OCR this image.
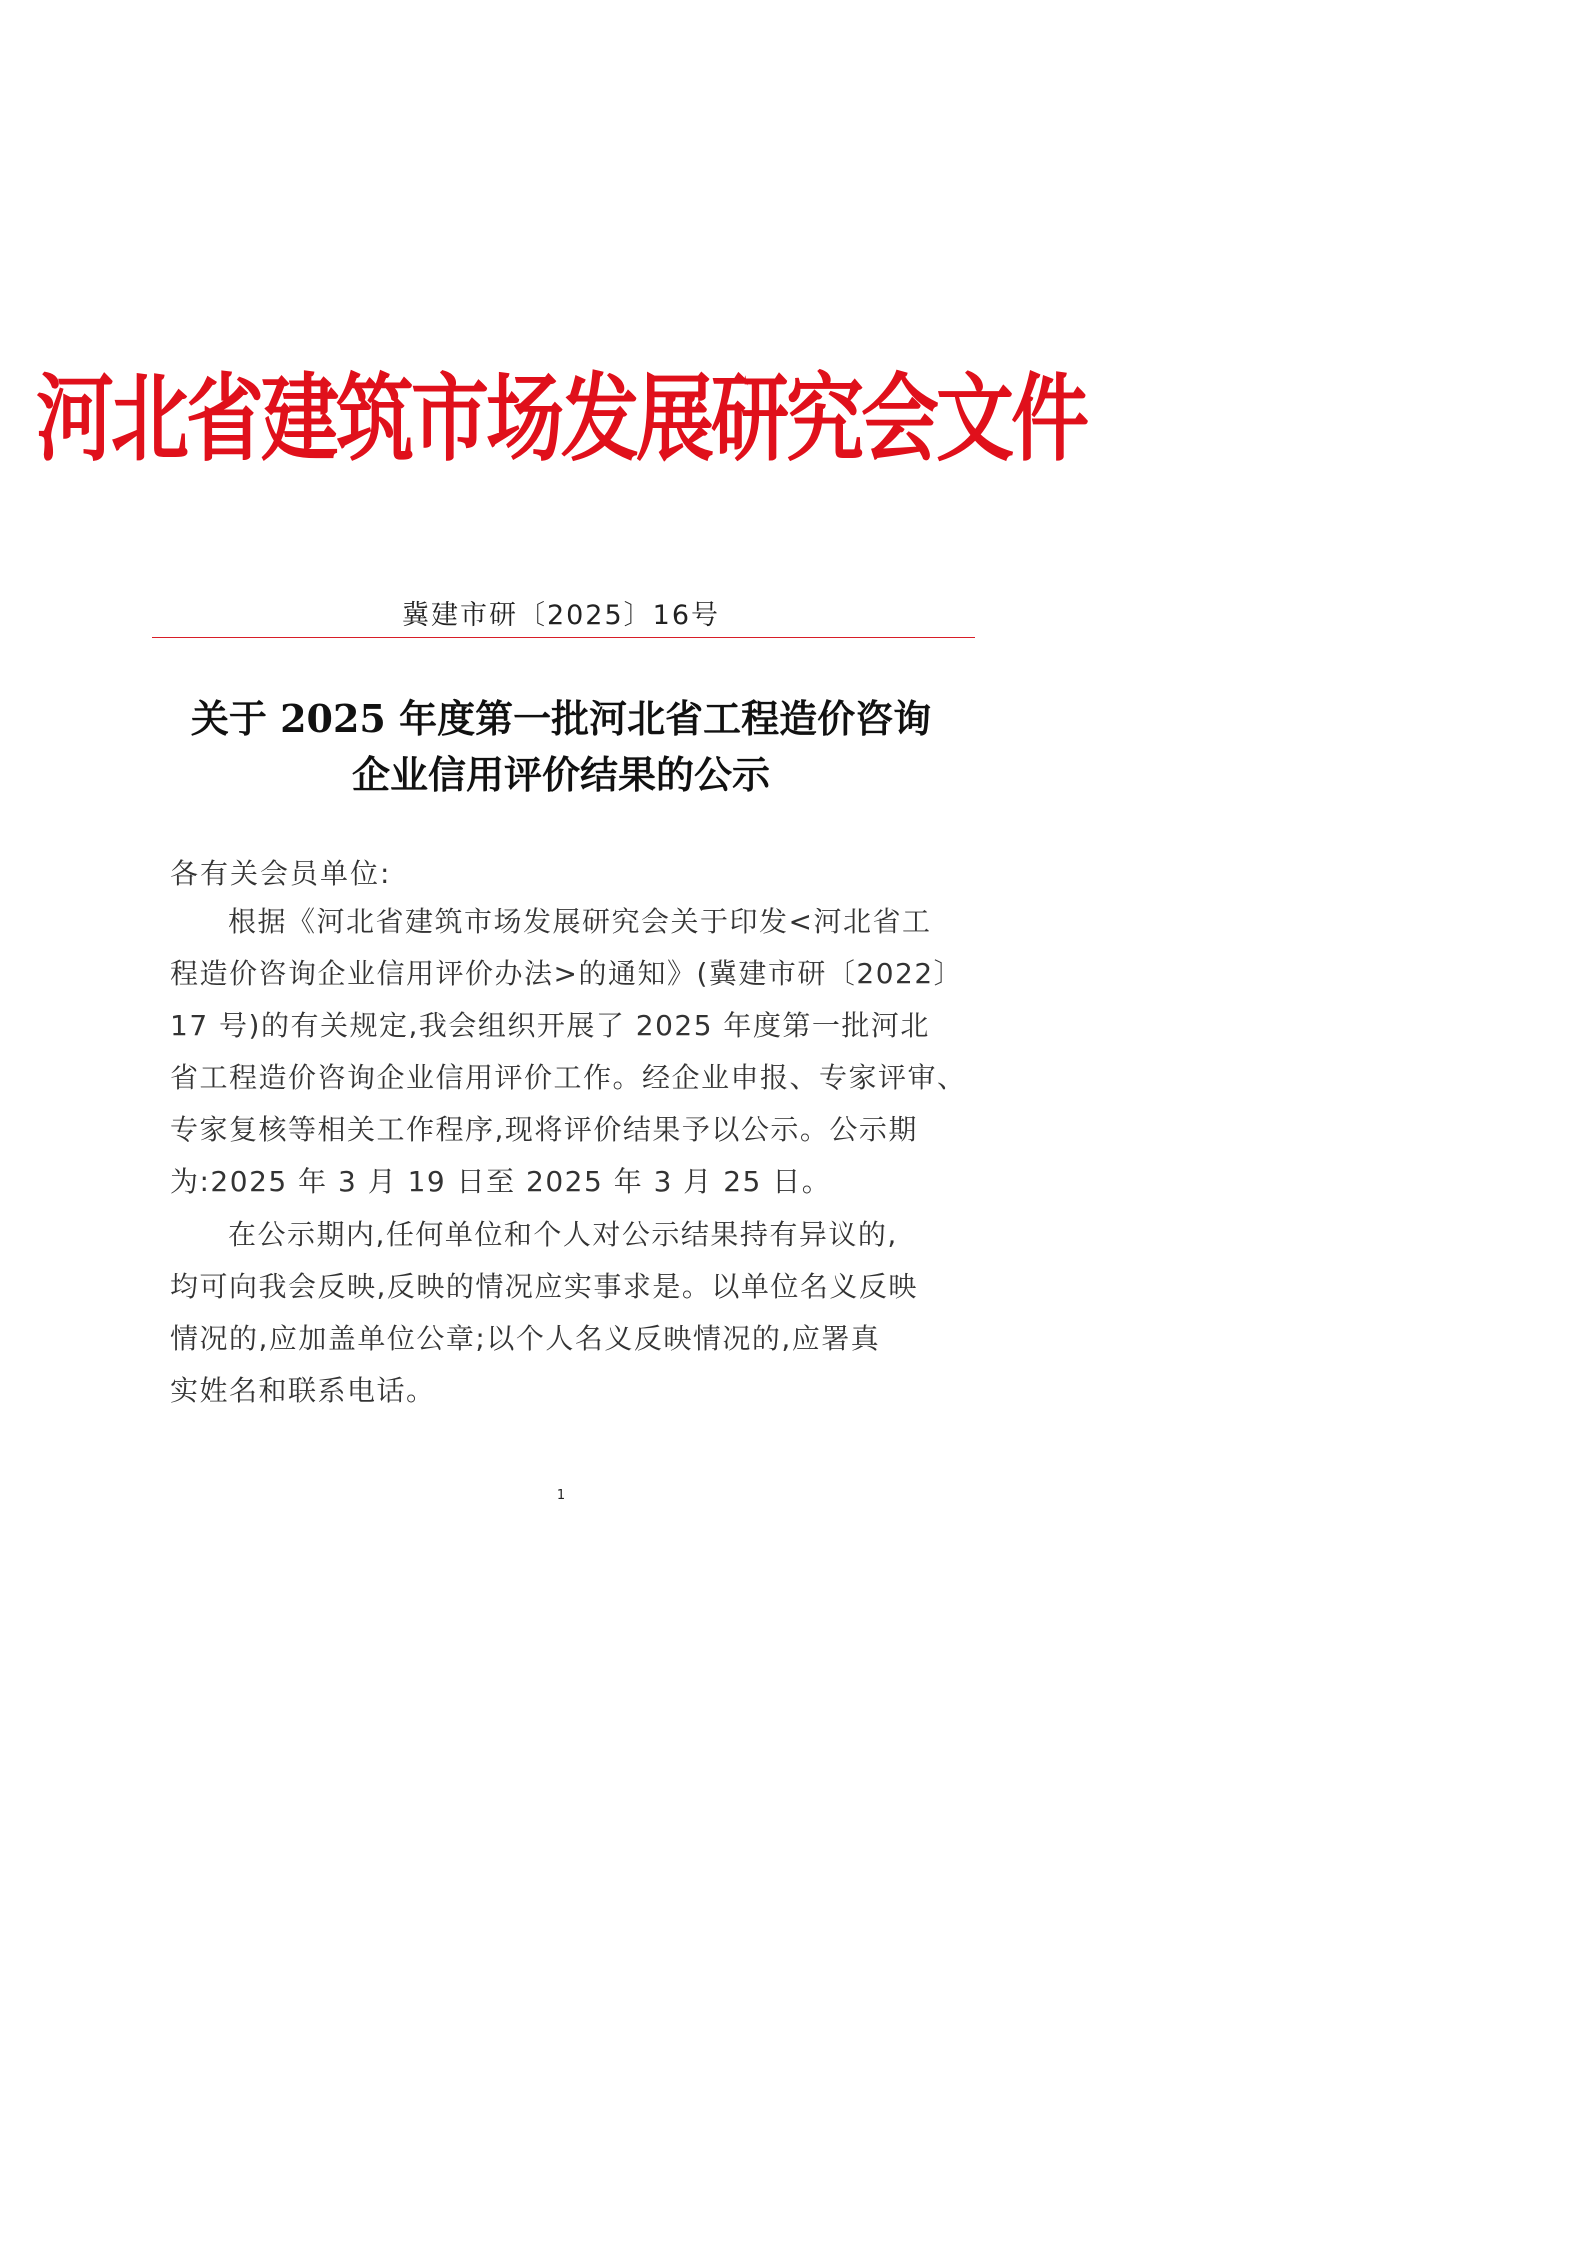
河北省建筑市场发展研究会文件
冀建市研〔2025〕16号
关于 2025 年度第一批河北省工程造价咨询
企业信用评价结果的公示
各有关会员单位:
根据《河北省建筑市场发展研究会关于印发<河北省工
程造价咨询企业信用评价办法>的通知》(冀建市研〔2022〕
17 号)的有关规定,我会组织开展了 2025 年度第一批河北
省工程造价咨询企业信用评价工作。经企业申报、专家评审、
专家复核等相关工作程序,现将评价结果予以公示。公示期
为:2025 年 3 月 19 日至 2025 年 3 月 25 日。
在公示期内,任何单位和个人对公示结果持有异议的,
均可向我会反映,反映的情况应实事求是。以单位名义反映
情况的,应加盖单位公章;以个人名义反映情况的,应署真
实姓名和联系电话。
1
